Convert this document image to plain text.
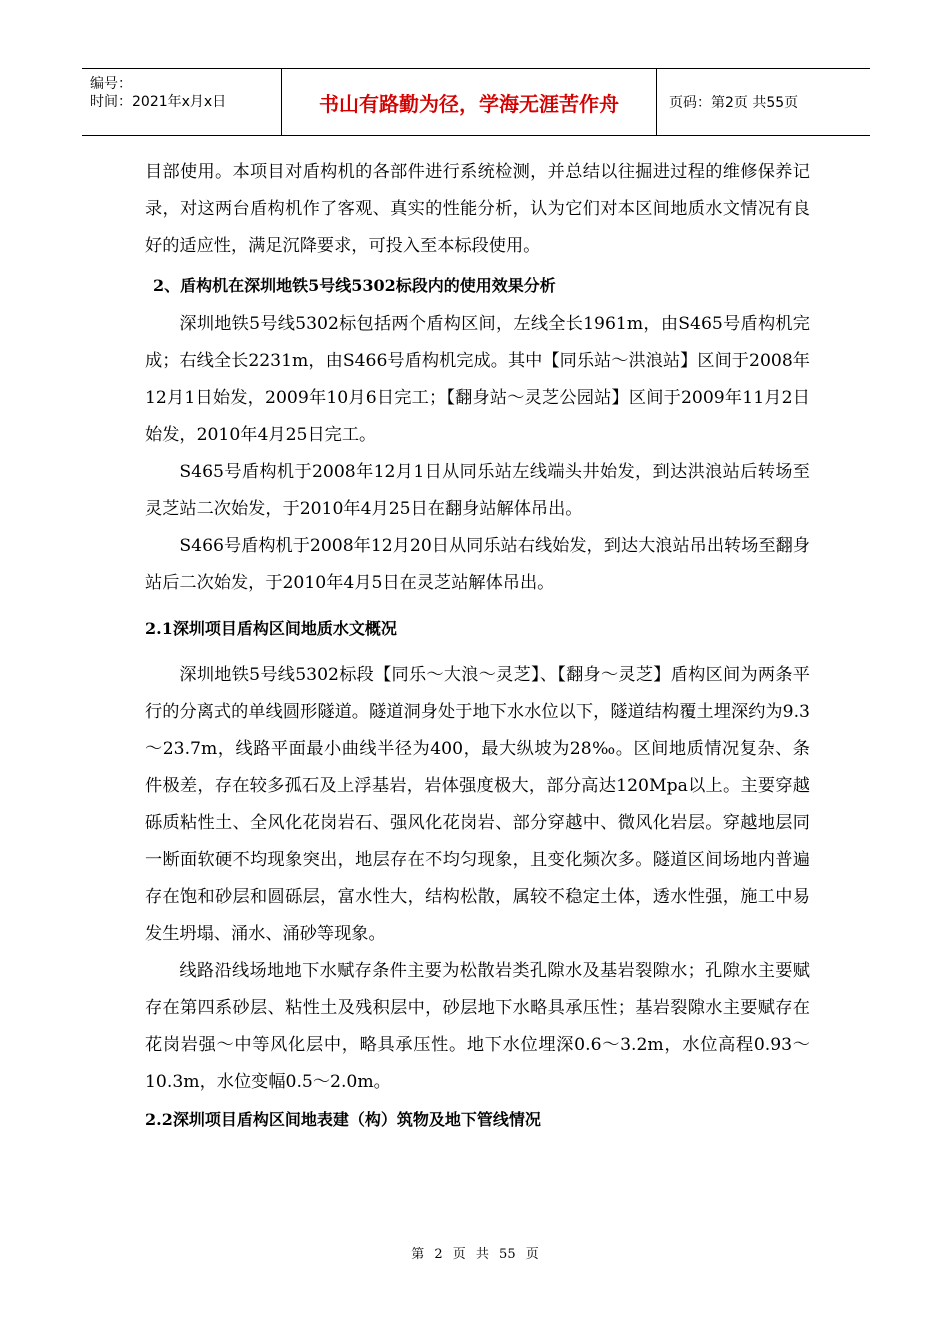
编号：
时间：2021年x月x日	书山有路勤为径，学海无涯苦作舟	页码：第2页 共55页

目部使用。本项目对盾构机的各部件进行系统检测，并总结以往掘进过程的维修保养记录，对这两台盾构机作了客观、真实的性能分析，认为它们对本区间地质水文情况有良好的适应性，满足沉降要求，可投入至本标段使用。

2、盾构机在深圳地铁5号线5302标段内的使用效果分析

深圳地铁5号线5302标包括两个盾构区间，左线全长1961m，由S465号盾构机完成；右线全长2231m，由S466号盾构机完成。其中【同乐站～洪浪站】区间于2008年12月1日始发，2009年10月6日完工；【翻身站～灵芝公园站】区间于2009年11月2日始发，2010年4月25日完工。

S465号盾构机于2008年12月1日从同乐站左线端头井始发，到达洪浪站后转场至灵芝站二次始发，于2010年4月25日在翻身站解体吊出。

S466号盾构机于2008年12月20日从同乐站右线始发，到达大浪站吊出转场至翻身站后二次始发，于2010年4月5日在灵芝站解体吊出。

2.1深圳项目盾构区间地质水文概况

深圳地铁5号线5302标段【同乐～大浪～灵芝】、【翻身～灵芝】盾构区间为两条平行的分离式的单线圆形隧道。隧道洞身处于地下水水位以下，隧道结构覆土埋深约为9.3～23.7m，线路平面最小曲线半径为400，最大纵坡为28‰。区间地质情况复杂、条件极差，存在较多孤石及上浮基岩，岩体强度极大，部分高达120Mpa以上。主要穿越砾质粘性土、全风化花岗岩石、强风化花岗岩、部分穿越中、微风化岩层。穿越地层同一断面软硬不均现象突出，地层存在不均匀现象，且变化频次多。隧道区间场地内普遍存在饱和砂层和圆砾层，富水性大，结构松散，属较不稳定土体，透水性强，施工中易发生坍塌、涌水、涌砂等现象。

线路沿线场地地下水赋存条件主要为松散岩类孔隙水及基岩裂隙水；孔隙水主要赋存在第四系砂层、粘性土及残积层中，砂层地下水略具承压性；基岩裂隙水主要赋存在花岗岩强～中等风化层中，略具承压性。地下水位埋深0.6～3.2m，水位高程0.93～10.3m，水位变幅0.5～2.0m。

2.2深圳项目盾构区间地表建（构）筑物及地下管线情况
第 2 页 共 55 页
